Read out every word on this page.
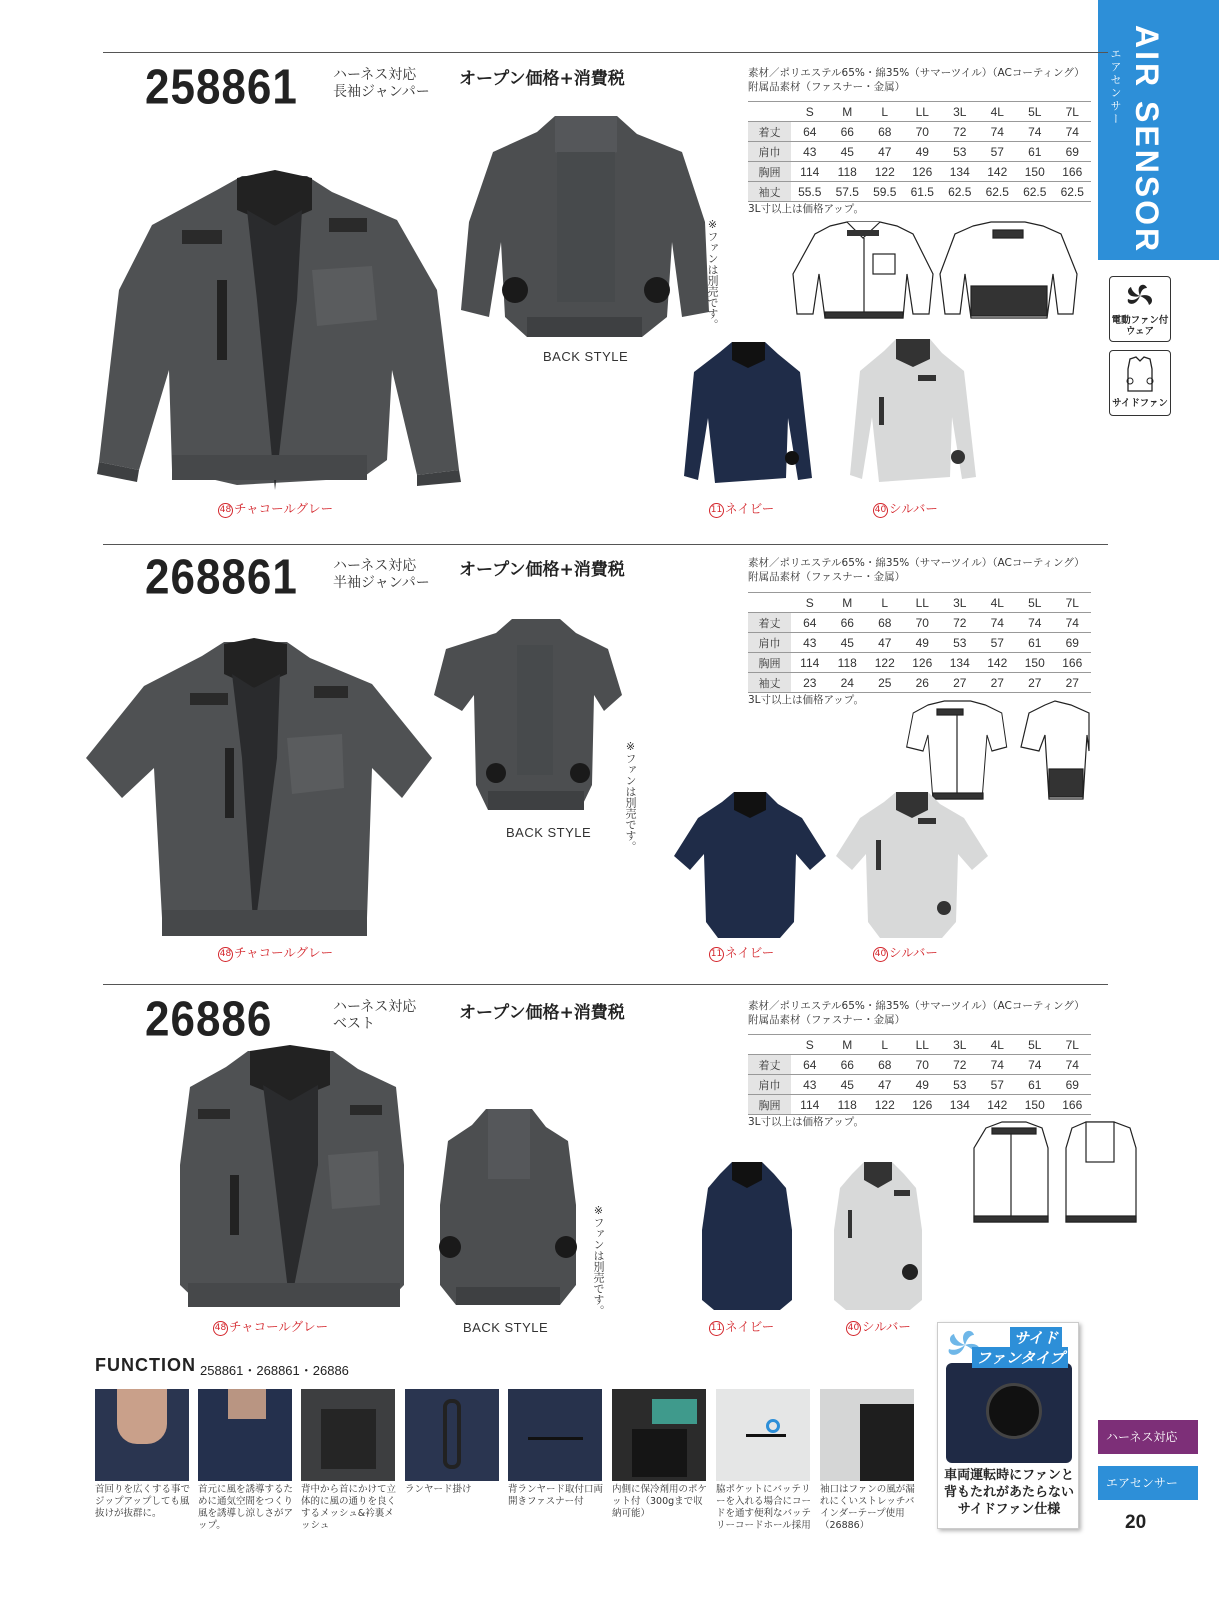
AIR SENSOR
エアセンサー
電動ファン付ウェア
サイドファン
258861	ハーネス対応
長袖ジャンパー
オープン価格+消費税	素材／ポリエステル65%・綿35%（サマーツイル）（ACコーティング）
附属品素材（ファスナー・金属）
	S	M	L	LL	3L	4L	5L	7L
着丈	64	66	68	70	72	74	74	74
肩巾	43	45	47	49	53	57	61	69
胸囲	114	118	122	126	134	142	150	166
袖丈	55.5	57.5	59.5	61.5	62.5	62.5	62.5	62.5
3L寸以上は価格アップ。
※ファンは別売です。
BACK STYLE
48 チャコールグレー	11 ネイビー	40 シルバー
268861	ハーネス対応
半袖ジャンパー
オープン価格+消費税	素材／ポリエステル65%・綿35%（サマーツイル）（ACコーティング）
附属品素材（ファスナー・金属）
	S	M	L	LL	3L	4L	5L	7L
着丈	64	66	68	70	72	74	74	74
肩巾	43	45	47	49	53	57	61	69
胸囲	114	118	122	126	134	142	150	166
袖丈	23	24	25	26	27	27	27	27
3L寸以上は価格アップ。
※ファンは別売です。
BACK STYLE
48 チャコールグレー	11 ネイビー	40 シルバー
26886	ハーネス対応
ベスト
オープン価格+消費税	素材／ポリエステル65%・綿35%（サマーツイル）（ACコーティング）
附属品素材（ファスナー・金属）
	S	M	L	LL	3L	4L	5L	7L
着丈	64	66	68	70	72	74	74	74
肩巾	43	45	47	49	53	57	61	69
胸囲	114	118	122	126	134	142	150	166
3L寸以上は価格アップ。
※ファンは別売です。
BACK STYLE
48 チャコールグレー	11 ネイビー	40 シルバー
FUNCTION 258861・268861・26886
首回りを広くする事でジップアップしても風抜けが抜群に。
首元に風を誘導するために通気空間をつくり風を誘導し涼しさがアップ。
背中から首にかけて立体的に風の通りを良くするメッシュ&衿裏メッシュ
ランヤード掛け	背ランヤード取付口両開きファスナー付
内側に保冷剤用のポケット付（300gまで収納可能）
脇ポケットにバッテリーを入れる場合にコードを通す便利なバッテリーコードホール採用
袖口はファンの風が漏れにくいストレッチバインダーテープ使用（26886）
サイド
ファンタイプ
車両運転時にファンと背もたれがあたらないサイドファン仕様
ハーネス対応
エアセンサー
20
